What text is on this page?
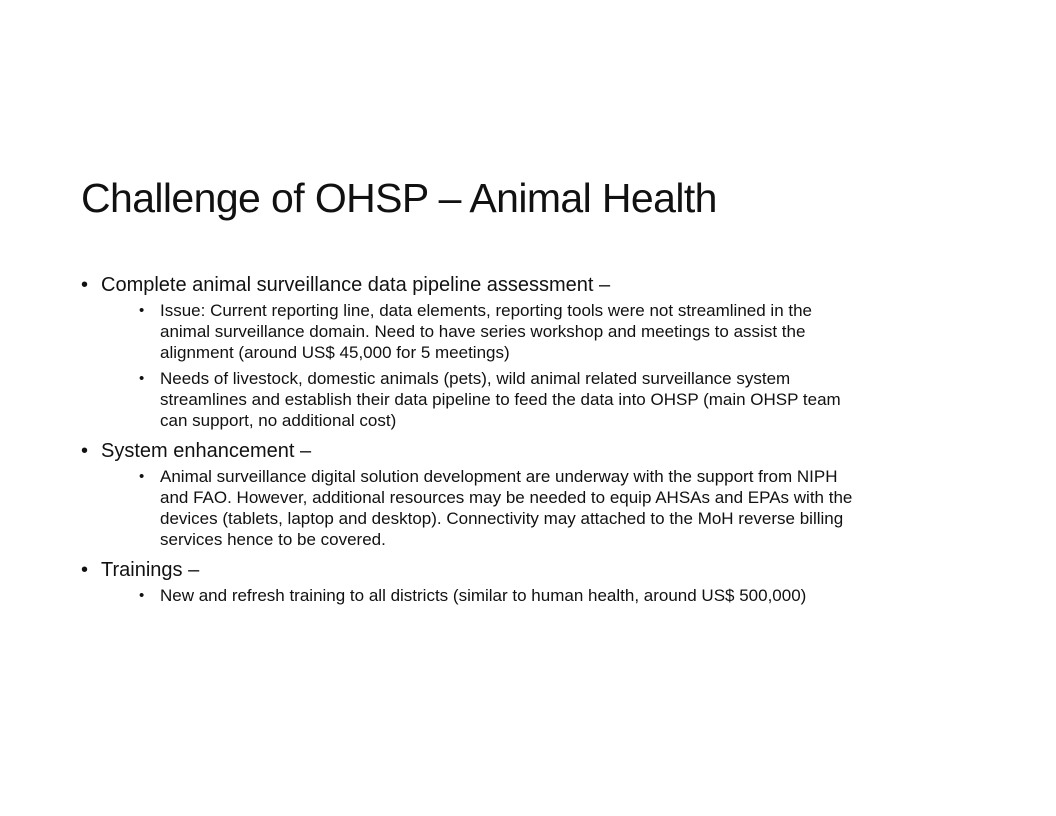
Challenge of OHSP – Animal Health
• Complete animal surveillance data pipeline assessment –
• Issue: Current reporting line, data elements, reporting tools were not streamlined in the
animal surveillance domain. Need to have series workshop and meetings to assist the
alignment (around US$ 45,000 for 5 meetings)
• Needs of livestock, domestic animals (pets), wild animal related surveillance system
streamlines and establish their data pipeline to feed the data into OHSP (main OHSP team
can support, no additional cost)
• System enhancement –
• Animal surveillance digital solution development are underway with the support from NIPH
and FAO. However, additional resources may be needed to equip AHSAs and EPAs with the
devices (tablets, laptop and desktop). Connectivity may attached to the MoH reverse billing
services hence to be covered.
• Trainings –
• New and refresh training to all districts (similar to human health, around US$ 500,000)
